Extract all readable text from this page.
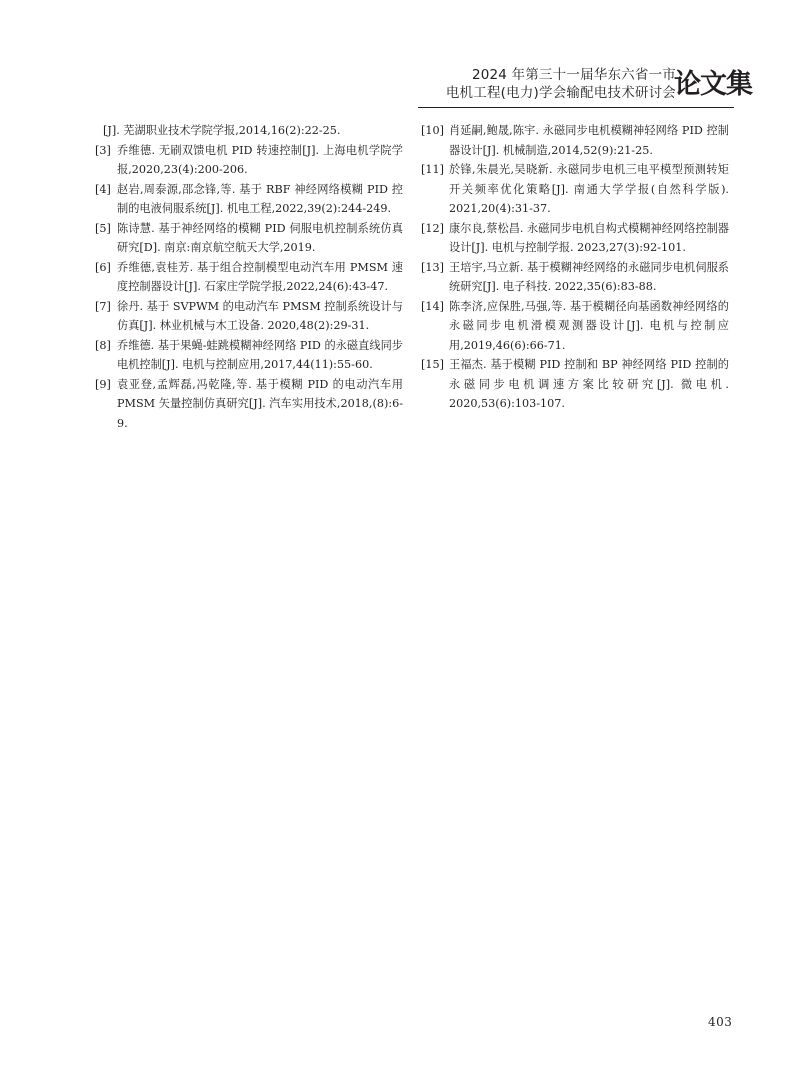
2024 年第三十一届华东六省一市
电机工程(电力)学会输配电技术研讨会
论文集
[J]. 芜湖职业技术学院学报,2014,16(2):22-25.
[3] 乔维德. 无刷双馈电机 PID 转速控制[J]. 上海电机学院学报,2020,23(4):200-206.
[4] 赵岩,周泰源,邵念锋,等. 基于 RBF 神经网络模糊 PID 控制的电液伺服系统[J]. 机电工程,2022,39(2):244-249.
[5] 陈诗慧. 基于神经网络的模糊 PID 伺服电机控制系统仿真研究[D]. 南京:南京航空航天大学,2019.
[6] 乔维德,袁桂芳. 基于组合控制模型电动汽车用 PMSM 速度控制器设计[J]. 石家庄学院学报,2022,24(6):43-47.
[7] 徐丹. 基于 SVPWM 的电动汽车 PMSM 控制系统设计与仿真[J]. 林业机械与木工设备. 2020,48(2):29-31.
[8] 乔维德. 基于果蝇-蛙跳模糊神经网络 PID 的永磁直线同步电机控制[J]. 电机与控制应用,2017,44(11):55-60.
[9] 袁亚登,孟辉磊,冯乾隆,等. 基于模糊 PID 的电动汽车用 PMSM 矢量控制仿真研究[J]. 汽车实用技术,2018,(8):6-9.
[10] 肖延嗣,鲍晟,陈宇. 永磁同步电机模糊神轻网络 PID 控制器设计[J]. 机械制造,2014,52(9):21-25.
[11] 於锋,朱晨光,吴晓新. 永磁同步电机三电平模型预测转矩开关频率优化策略[J]. 南通大学学报(自然科学版). 2021,20(4):31-37.
[12] 康尔良,蔡松昌. 永磁同步电机自构式模糊神经网络控制器设计[J]. 电机与控制学报. 2023,27(3):92-101.
[13] 王培宇,马立新. 基于模糊神经网络的永磁同步电机伺服系统研究[J]. 电子科技. 2022,35(6):83-88.
[14] 陈李济,应保胜,马强,等. 基于模糊径向基函数神经网络的永磁同步电机滑模观测器设计[J]. 电机与控制应用,2019,46(6):66-71.
[15] 王福杰. 基于模糊 PID 控制和 BP 神经网络 PID 控制的永磁同步电机调速方案比较研究[J]. 微电机. 2020,53(6):103-107.
403
